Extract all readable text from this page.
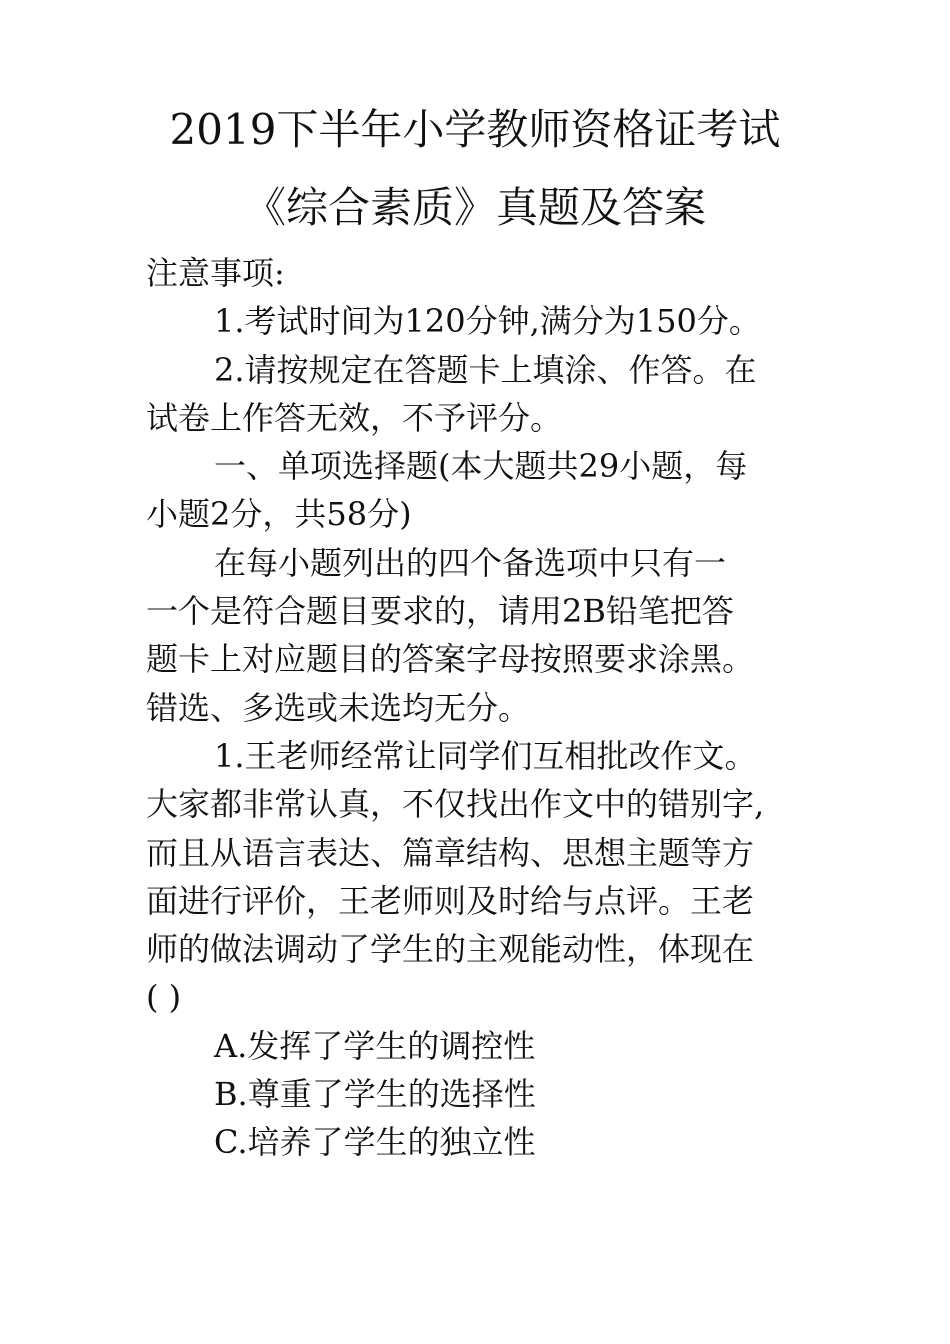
2019下半年小学教师资格证考试
《综合素质》真题及答案
注意事项:
1.考试时间为120分钟,满分为150分。
2.请按规定在答题卡上填涂、作答。在
试卷上作答无效，不予评分。
一、单项选择题(本大题共29小题，每
小题2分，共58分)
在每小题列出的四个备选项中只有一
一个是符合题目要求的，请用2B铅笔把答
题卡上对应题目的答案字母按照要求涂黑。
错选、多选或未选均无分。
1.王老师经常让同学们互相批改作文。
大家都非常认真，不仅找出作文中的错别字,
而且从语言表达、篇章结构、思想主题等方
面进行评价，王老师则及时给与点评。王老
师的做法调动了学生的主观能动性，体现在
( )
A.发挥了学生的调控性
B.尊重了学生的选择性
C.培养了学生的独立性
